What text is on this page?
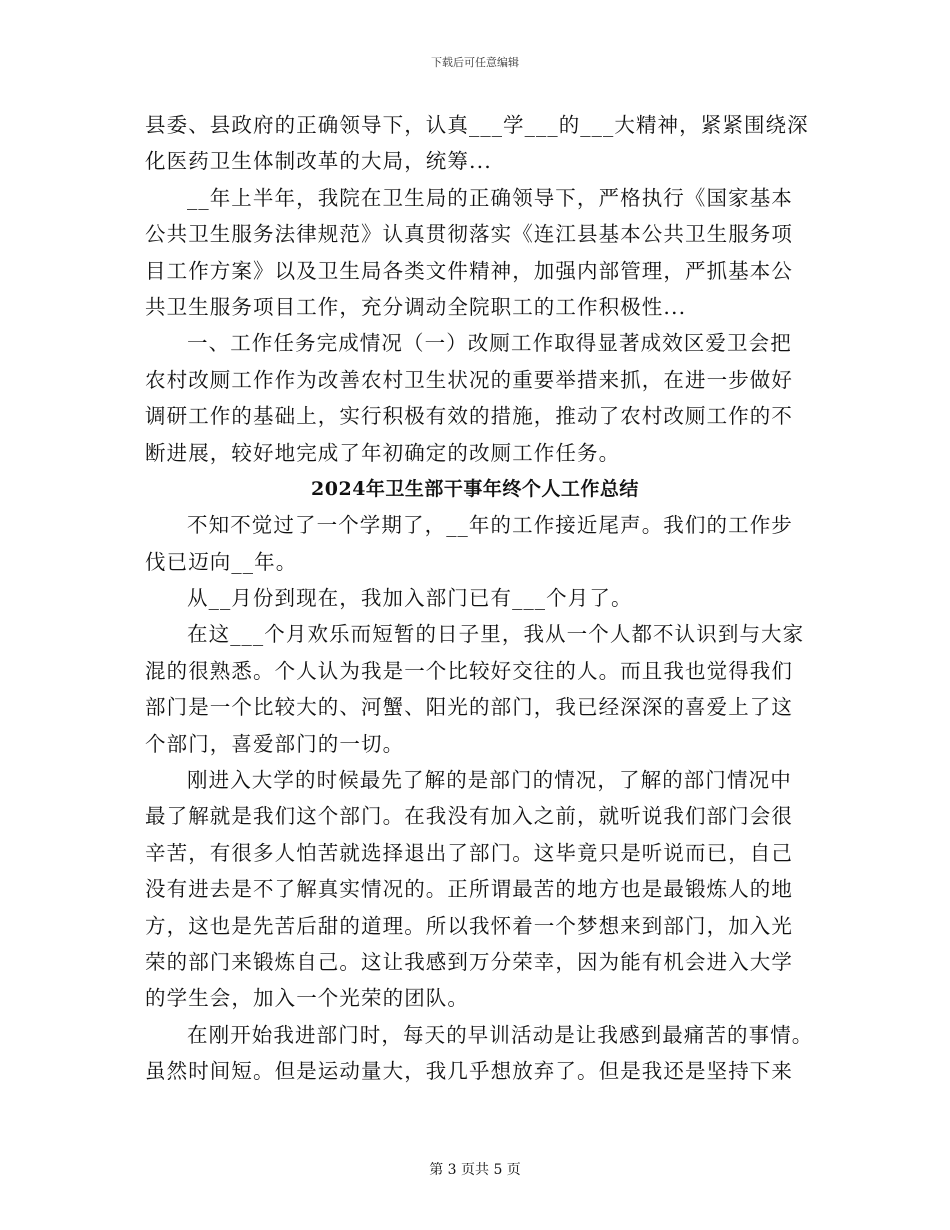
下载后可任意编辑
县委、县政府的正确领导下，认真___学___的___大精神，紧紧围绕深
化医药卫生体制改革的大局，统筹...
__年上半年，我院在卫生局的正确领导下，严格执行《国家基本
公共卫生服务法律规范》认真贯彻落实《连江县基本公共卫生服务项
目工作方案》以及卫生局各类文件精神，加强内部管理，严抓基本公
共卫生服务项目工作，充分调动全院职工的工作积极性...
一、工作任务完成情况（一）改厕工作取得显著成效区爱卫会把
农村改厕工作作为改善农村卫生状况的重要举措来抓，在进一步做好
调研工作的基础上，实行积极有效的措施，推动了农村改厕工作的不
断进展，较好地完成了年初确定的改厕工作任务。
2024年卫生部干事年终个人工作总结
不知不觉过了一个学期了，__年的工作接近尾声。我们的工作步
伐已迈向__年。
从__月份到现在，我加入部门已有___个月了。
在这___个月欢乐而短暂的日子里，我从一个人都不认识到与大家
混的很熟悉。个人认为我是一个比较好交往的人。而且我也觉得我们
部门是一个比较大的、河蟹、阳光的部门，我已经深深的喜爱上了这
个部门，喜爱部门的一切。
刚进入大学的时候最先了解的是部门的情况，了解的部门情况中
最了解就是我们这个部门。在我没有加入之前，就听说我们部门会很
辛苦，有很多人怕苦就选择退出了部门。这毕竟只是听说而已，自己
没有进去是不了解真实情况的。正所谓最苦的地方也是最锻炼人的地
方，这也是先苦后甜的道理。所以我怀着一个梦想来到部门，加入光
荣的部门来锻炼自己。这让我感到万分荣幸，因为能有机会进入大学
的学生会，加入一个光荣的团队。
在刚开始我进部门时，每天的早训活动是让我感到最痛苦的事情。
虽然时间短。但是运动量大，我几乎想放弃了。但是我还是坚持下来
第 3 页共 5 页
